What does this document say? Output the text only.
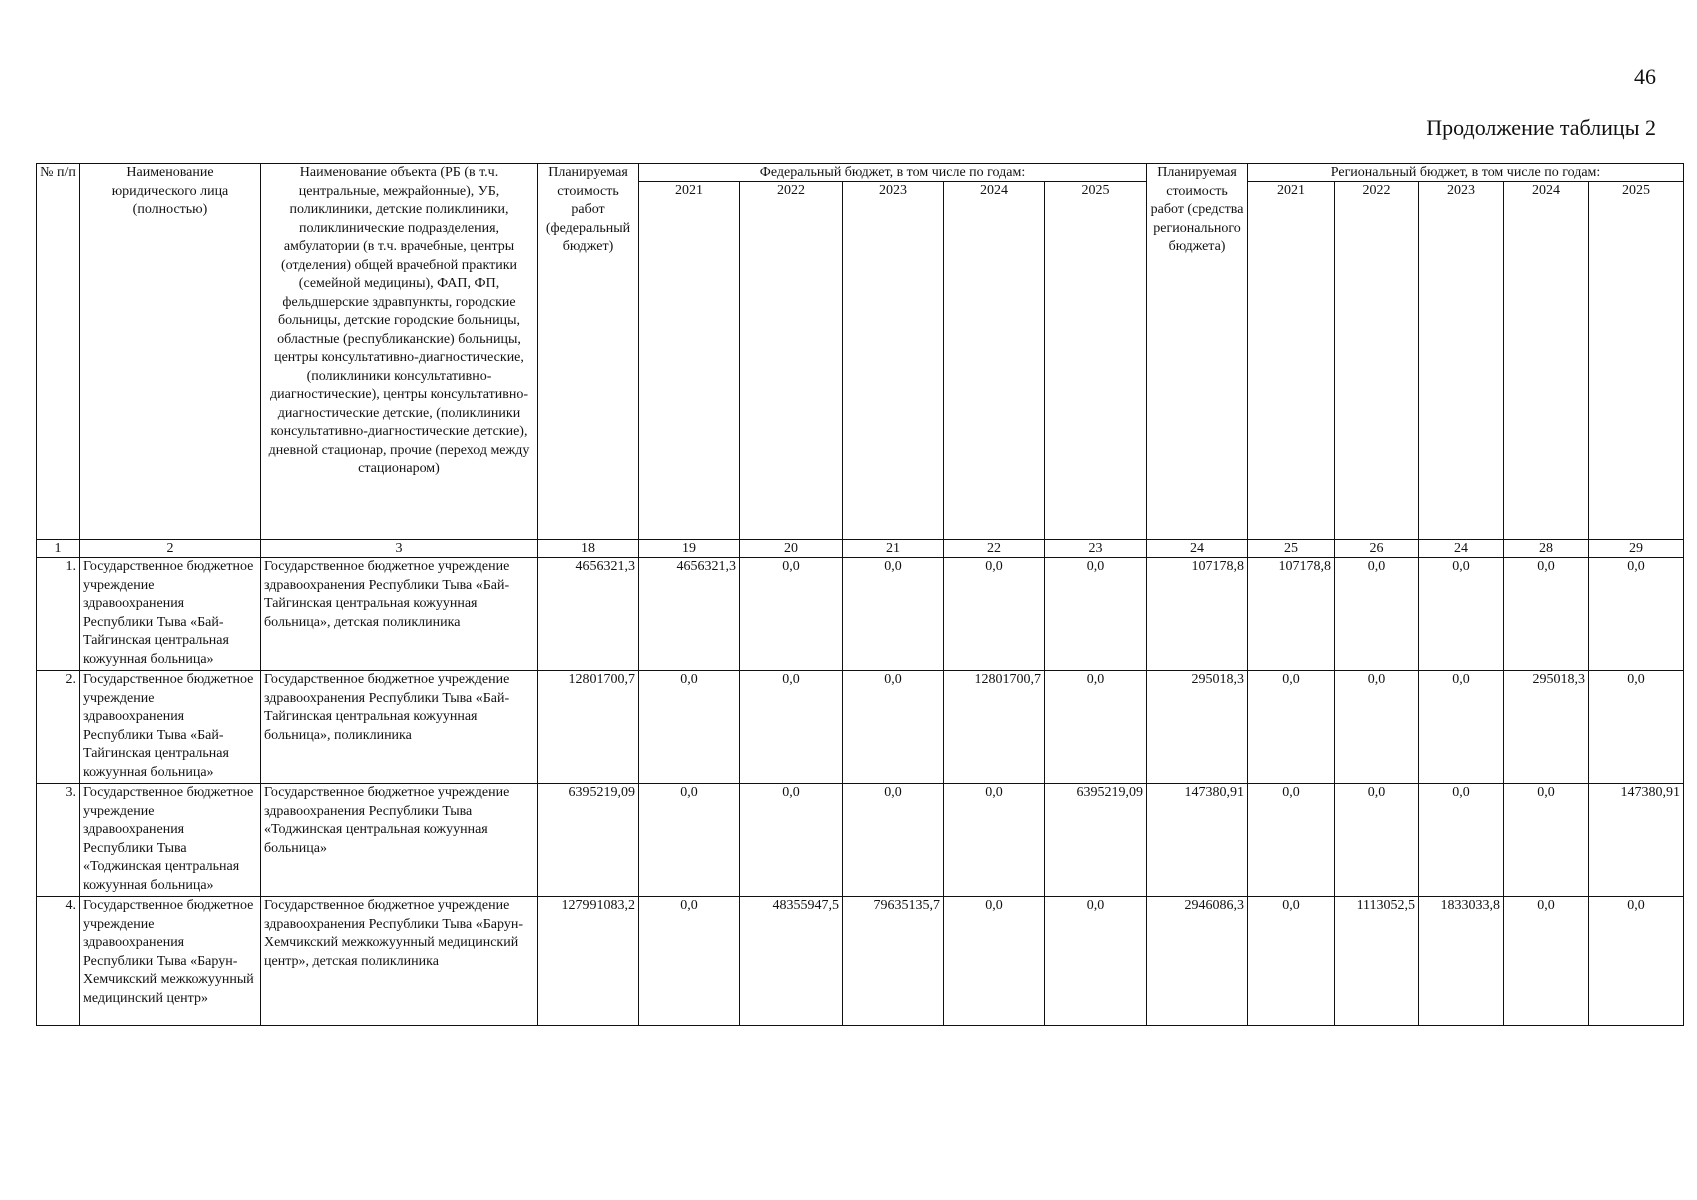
46
Продолжение таблицы 2
№ п/п	Наименование юридического лица (полностью)	Наименование объекта (РБ (в т.ч. центральные, межрайонные), УБ, поликлиники, детские поликлиники, поликлинические подразделения, амбулатории (в т.ч. врачебные, центры (отделения) общей врачебной практики (семейной медицины), ФАП, ФП, фельдшерские здравпункты, городские больницы, детские городские больницы, областные (республиканские) больницы, центры консультативно-диагностические, (поликлиники консультативно-диагностические), центры консультативно-диагностические детские, (поликлиники консультативно-диагностические детские), дневной стационар, прочие (переход между стационаром)	Планируемая стоимость работ (федеральный бюджет)	Федеральный бюджет, в том числе по годам:					Планируемая стоимость работ (средства регионального бюджета)	Региональный бюджет, в том числе по годам:				
				2021	2022	2023	2024	2025		2021	2022	2023	2024	2025
1	2	3	18	19	20	21	22	23	24	25	26	24	28	29
1.	Государственное бюджетное учреждение здравоохранения Республики Тыва «Бай-Тайгинская центральная кожуунная больница»	Государственное бюджетное учреждение здравоохранения Республики Тыва «Бай-Тайгинская центральная кожуунная больница», детская поликлиника	4656321,3	4656321,3	0,0	0,0	0,0	0,0	107178,8	107178,8	0,0	0,0	0,0	0,0
2.	Государственное бюджетное учреждение здравоохранения Республики Тыва «Бай-Тайгинская центральная кожуунная больница»	Государственное бюджетное учреждение здравоохранения Республики Тыва «Бай-Тайгинская центральная кожуунная больница», поликлиника	12801700,7	0,0	0,0	0,0	12801700,7	0,0	295018,3	0,0	0,0	0,0	295018,3	0,0
3.	Государственное бюджетное учреждение здравоохранения Республики Тыва «Тоджинская центральная кожуунная больница»	Государственное бюджетное учреждение здравоохранения Республики Тыва «Тоджинская центральная кожуунная больница»	6395219,09	0,0	0,0	0,0	0,0	6395219,09	147380,91	0,0	0,0	0,0	0,0	147380,91
4.	Государственное бюджетное учреждение здравоохранения Республики Тыва «Барун-Хемчикский межкожуунный медицинский центр»	Государственное бюджетное учреждение здравоохранения Республики Тыва «Барун-Хемчикский межкожуунный медицинский центр», детская поликлиника	127991083,2	0,0	48355947,5	79635135,7	0,0	0,0	2946086,3	0,0	1113052,5	1833033,8	0,0	0,0
